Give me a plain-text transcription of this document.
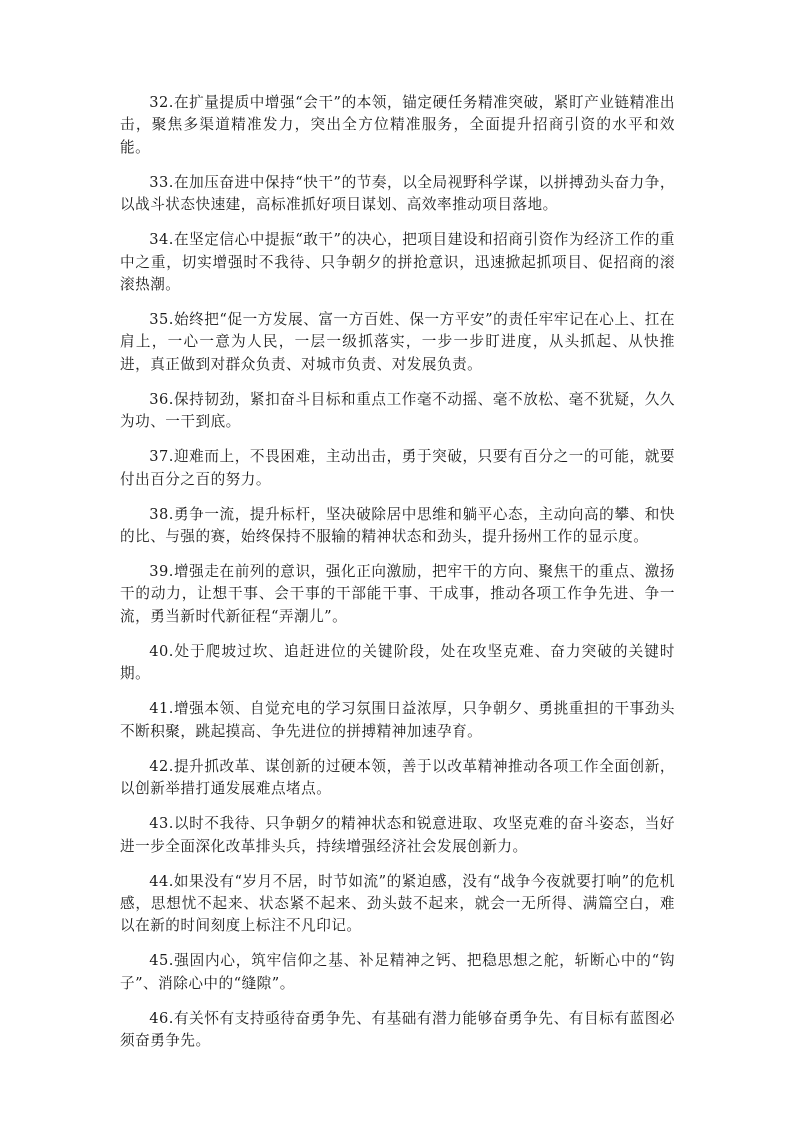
32.在扩量提质中增强“会干”的本领，锚定硬任务精准突破，紧盯产业链精准出击，聚焦多渠道精准发力，突出全方位精准服务，全面提升招商引资的水平和效能。

33.在加压奋进中保持“快干”的节奏，以全局视野科学谋，以拼搏劲头奋力争，以战斗状态快速建，高标准抓好项目谋划、高效率推动项目落地。

34.在坚定信心中提振“敢干”的决心，把项目建设和招商引资作为经济工作的重中之重，切实增强时不我待、只争朝夕的拼抢意识，迅速掀起抓项目、促招商的滚滚热潮。

35.始终把“促一方发展、富一方百姓、保一方平安”的责任牢牢记在心上、扛在肩上，一心一意为人民，一层一级抓落实，一步一步盯进度，从头抓起、从快推进，真正做到对群众负责、对城市负责、对发展负责。

36.保持韧劲，紧扣奋斗目标和重点工作毫不动摇、毫不放松、毫不犹疑，久久为功、一干到底。

37.迎难而上，不畏困难，主动出击，勇于突破，只要有百分之一的可能，就要付出百分之百的努力。

38.勇争一流，提升标杆，坚决破除居中思维和躺平心态，主动向高的攀、和快的比、与强的赛，始终保持不服输的精神状态和劲头，提升扬州工作的显示度。

39.增强走在前列的意识，强化正向激励，把牢干的方向、聚焦干的重点、激扬干的动力，让想干事、会干事的干部能干事、干成事，推动各项工作争先进、争一流，勇当新时代新征程“弄潮儿”。

40.处于爬坡过坎、追赶进位的关键阶段，处在攻坚克难、奋力突破的关键时期。

41.增强本领、自觉充电的学习氛围日益浓厚，只争朝夕、勇挑重担的干事劲头不断积聚，跳起摸高、争先进位的拼搏精神加速孕育。

42.提升抓改革、谋创新的过硬本领，善于以改革精神推动各项工作全面创新，以创新举措打通发展难点堵点。

43.以时不我待、只争朝夕的精神状态和锐意进取、攻坚克难的奋斗姿态，当好进一步全面深化改革排头兵，持续增强经济社会发展创新力。

44.如果没有“岁月不居，时节如流”的紧迫感，没有“战争今夜就要打响”的危机感，思想忧不起来、状态紧不起来、劲头鼓不起来，就会一无所得、满篇空白，难以在新的时间刻度上标注不凡印记。

45.强固内心，筑牢信仰之基、补足精神之钙、把稳思想之舵，斩断心中的“钩子”、消除心中的“缝隙”。

46.有关怀有支持亟待奋勇争先、有基础有潜力能够奋勇争先、有目标有蓝图必须奋勇争先。
